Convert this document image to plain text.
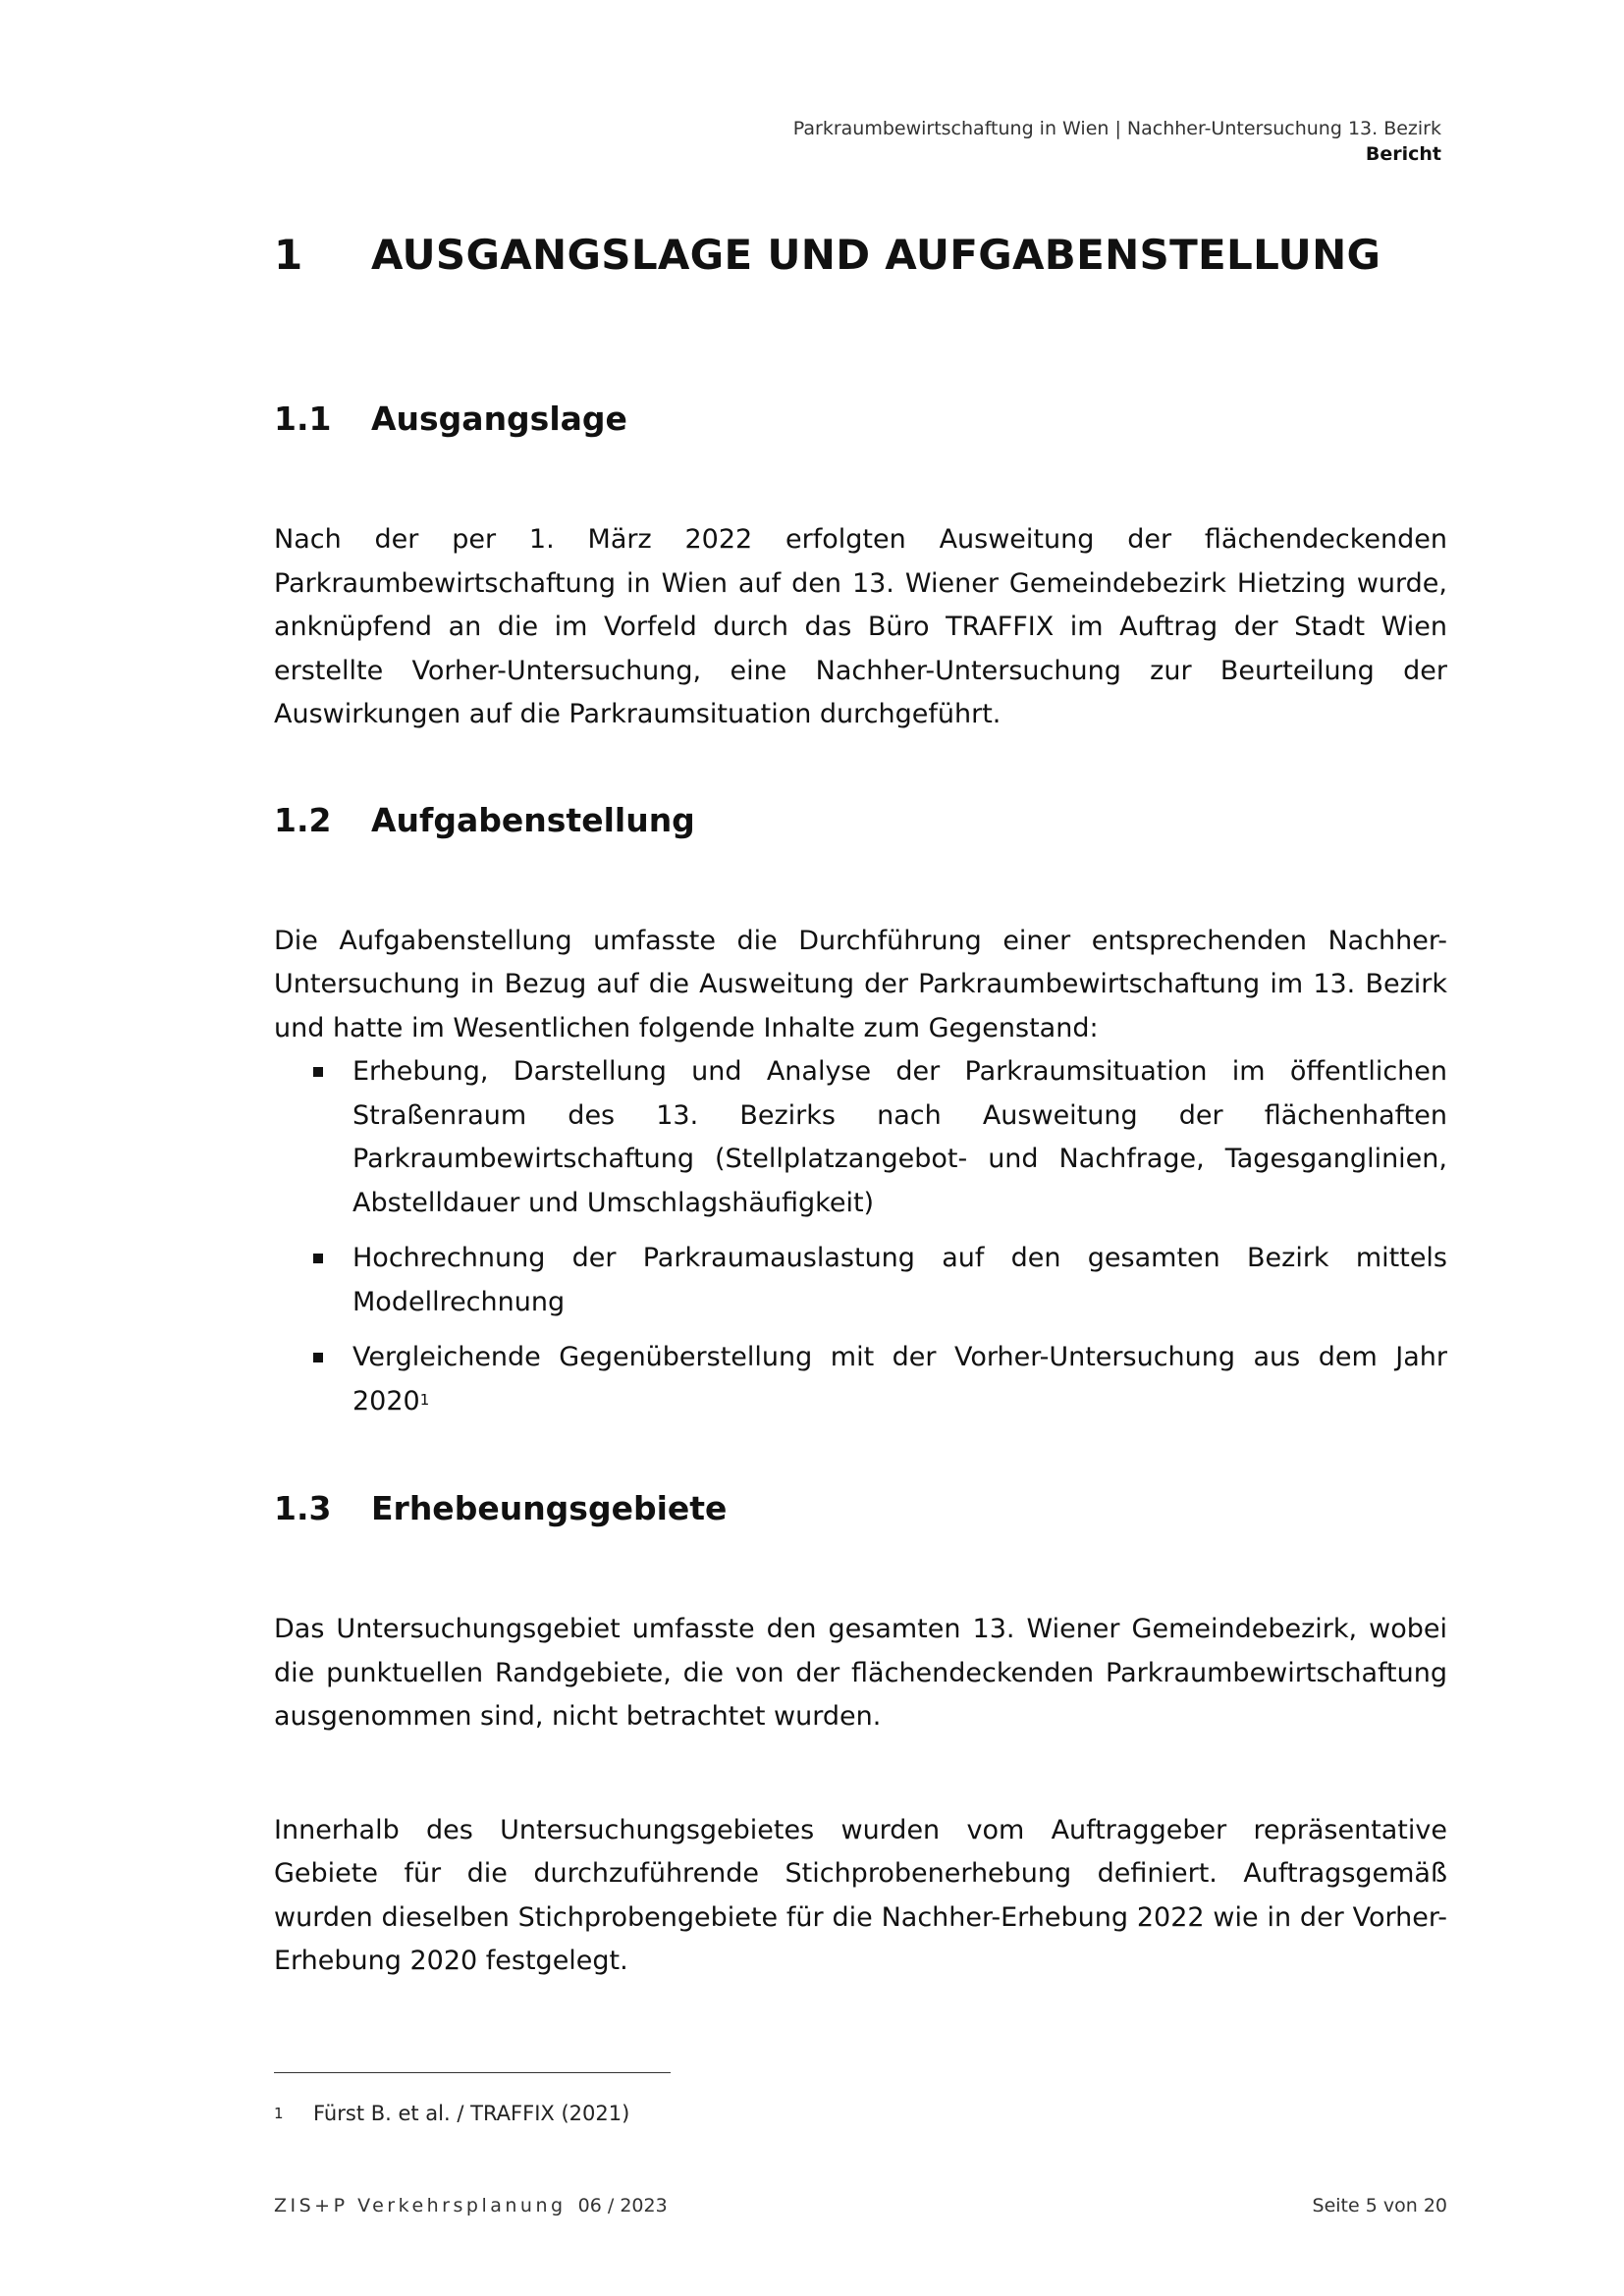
Parkraumbewirtschaftung in Wien | Nachher-Untersuchung 13. Bezirk
Bericht
1 AUSGANGSLAGE UND AUFGABENSTELLUNG
1.1 Ausgangslage

Nach der per 1. März 2022 erfolgten Ausweitung der flächendeckenden Parkraumbewirtschaftung in Wien auf den 13. Wiener Gemeindebezirk Hietzing wurde, anknüpfend an die im Vorfeld durch das Büro TRAFFIX im Auftrag der Stadt Wien erstellte Vorher-Untersuchung, eine Nachher-Untersuchung zur Beurteilung der Auswirkungen auf die Parkraumsituation durchgeführt.

1.2 Aufgabenstellung

Die Aufgabenstellung umfasste die Durchführung einer entsprechenden Nachher-Untersuchung in Bezug auf die Ausweitung der Parkraumbewirtschaftung im 13. Bezirk und hatte im Wesentlichen folgende Inhalte zum Gegenstand:

Erhebung, Darstellung und Analyse der Parkraumsituation im öffentlichen Straßenraum des 13. Bezirks nach Ausweitung der flächenhaften Parkraumbewirtschaftung (Stellplatzangebot- und Nachfrage, Tagesganglinien, Abstelldauer und Umschlagshäufigkeit)
Hochrechnung der Parkraumauslastung auf den gesamten Bezirk mittels Modellrechnung
Vergleichende Gegenüberstellung mit der Vorher-Untersuchung aus dem Jahr 2020$^1$
1.3 Erhebeungsgebiete

Das Untersuchungsgebiet umfasste den gesamten 13. Wiener Gemeindebezirk, wobei die punktuellen Randgebiete, die von der flächendeckenden Parkraumbewirtschaftung ausgenommen sind, nicht betrachtet wurden.

Innerhalb des Untersuchungsgebietes wurden vom Auftraggeber repräsentative Gebiete für die durchzuführende Stichprobenerhebung definiert. Auftragsgemäß wurden dieselben Stichprobengebiete für die Nachher-Erhebung 2022 wie in der Vorher-Erhebung 2020 festgelegt.

1 Fürst B. et al. / TRAFFIX (2021)
ZIS+P Verkehrsplanung 06 / 2023	Seite 5 von 20
